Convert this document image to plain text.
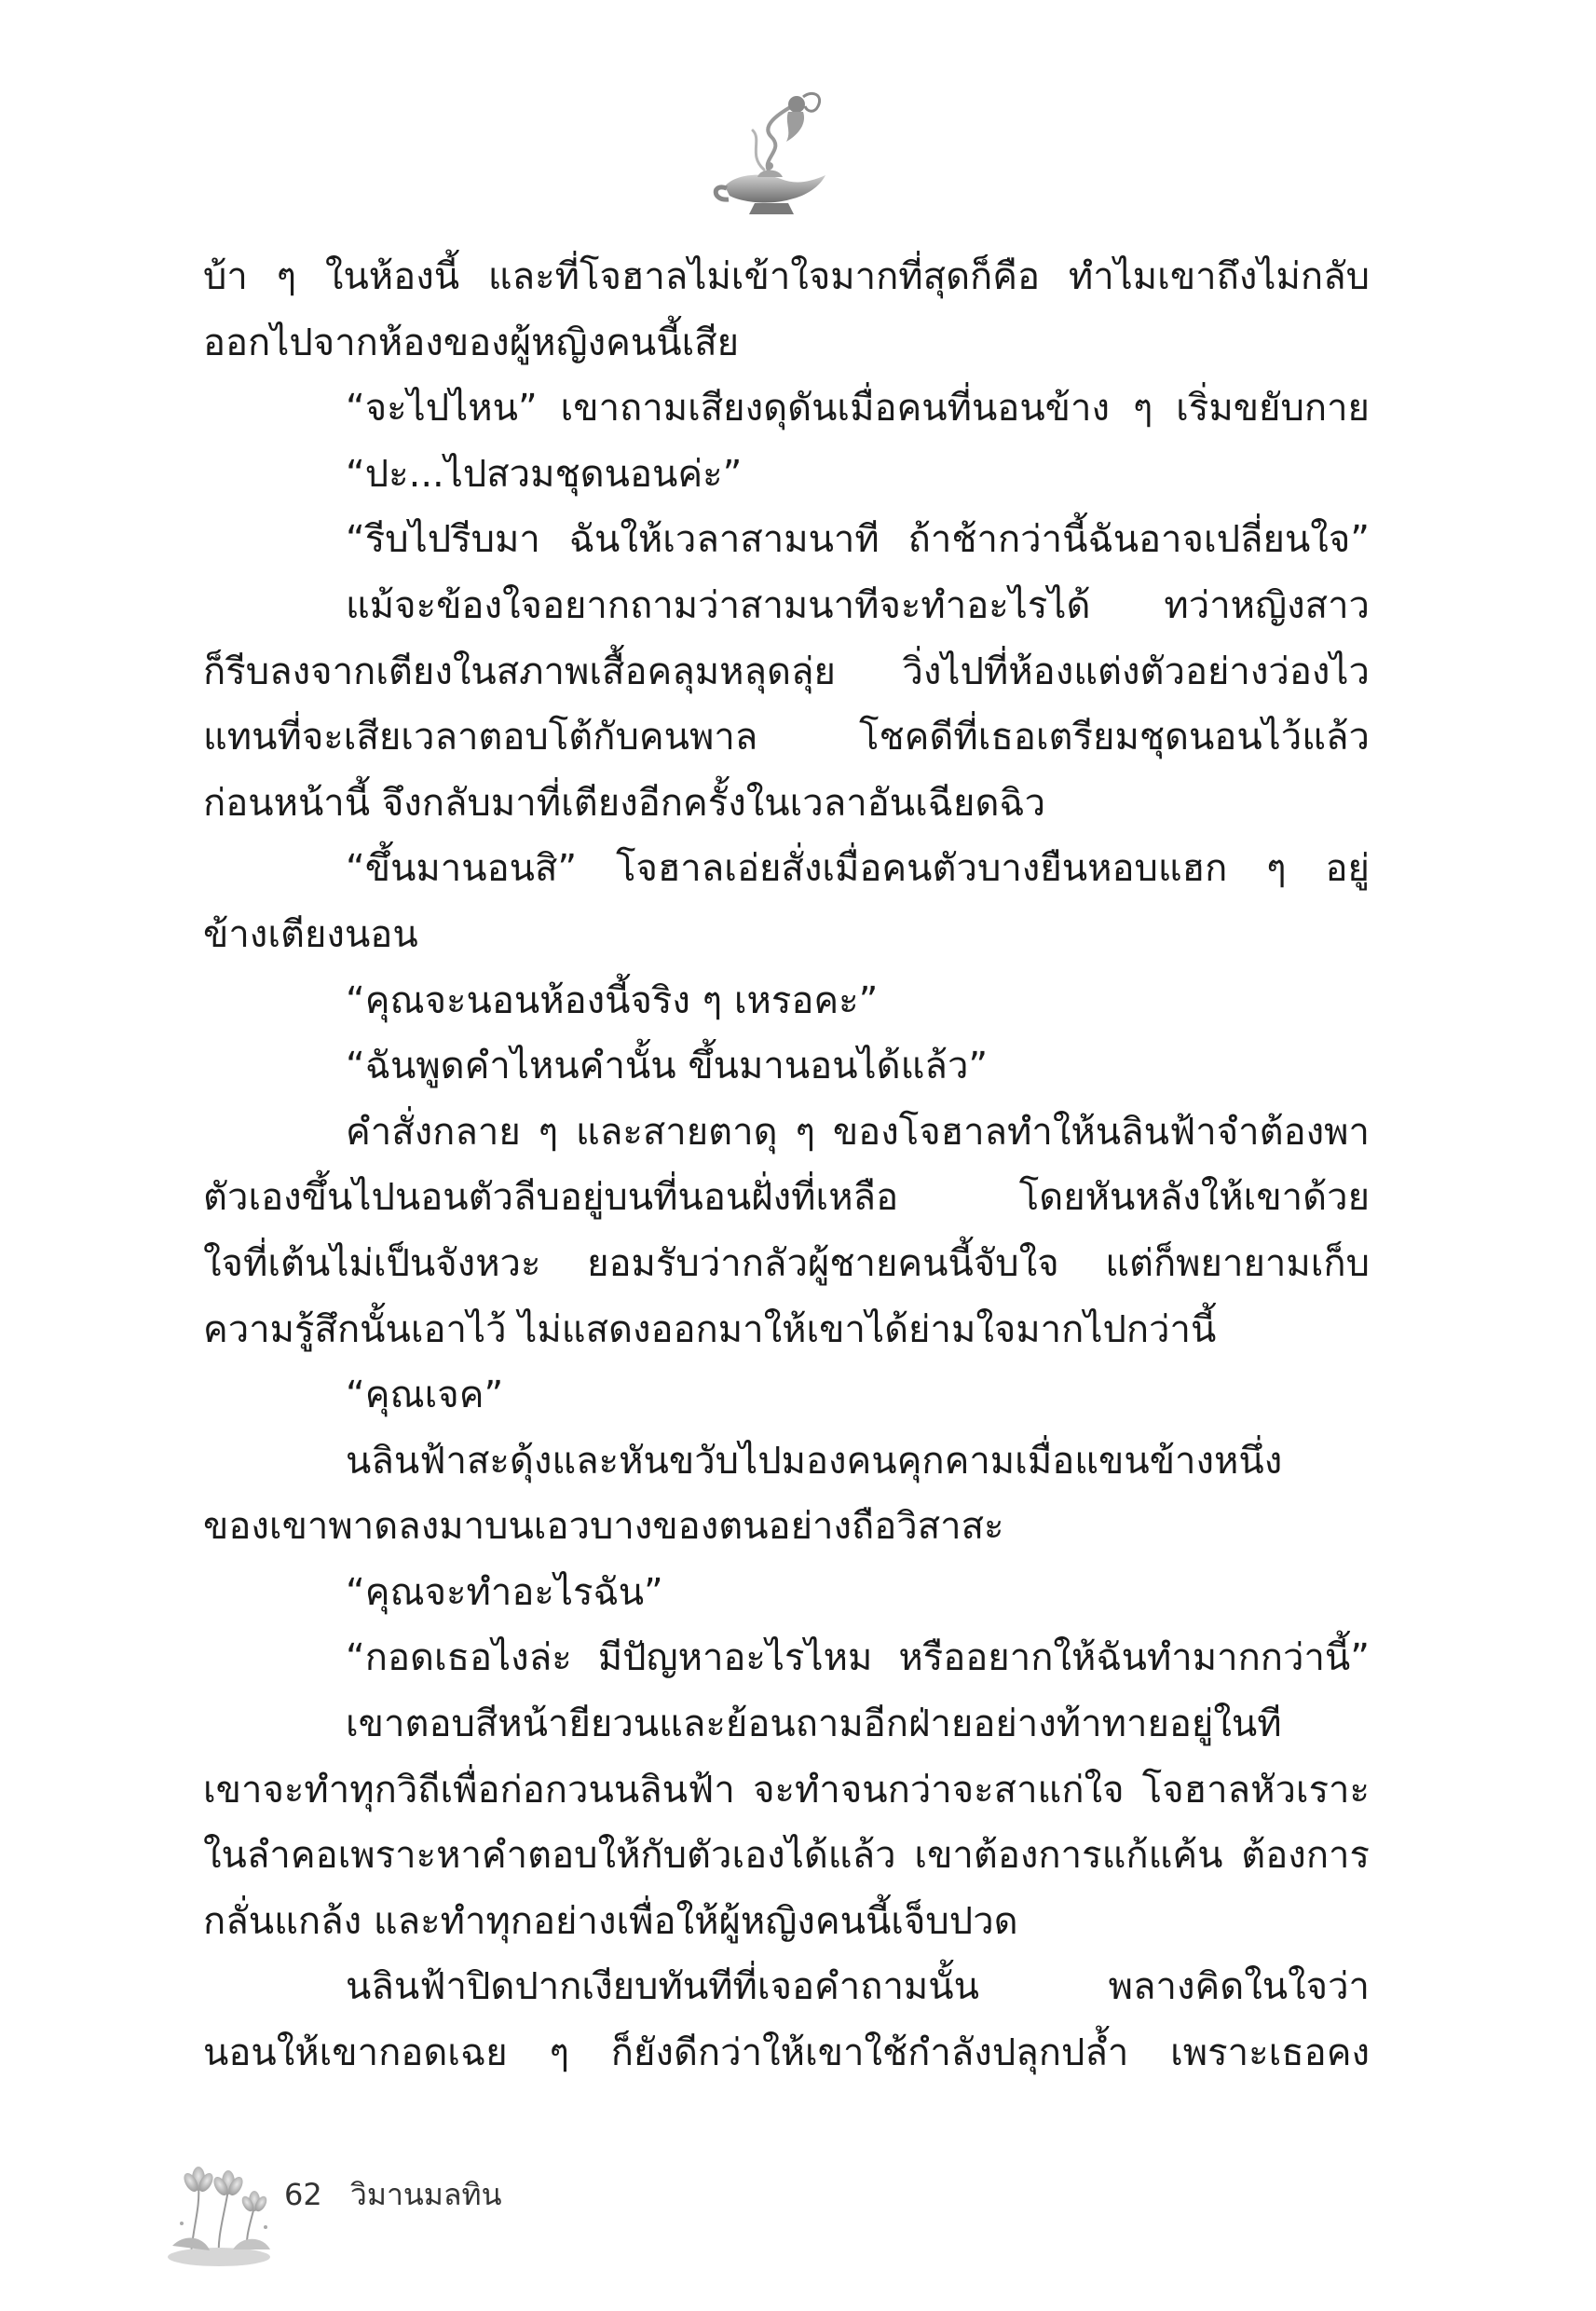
บ้า ๆ ในห้องนี้ และที่โจฮาลไม่เข้าใจมากที่สุดก็คือ ทำไมเขาถึงไม่กลับ
ออกไปจากห้องของผู้หญิงคนนี้เสีย
“จะไปไหน” เขาถามเสียงดุดันเมื่อคนที่นอนข้าง ๆ เริ่มขยับกาย
“ปะ...ไปสวมชุดนอนค่ะ”
“รีบไปรีบมา ฉันให้เวลาสามนาที ถ้าช้ากว่านี้ฉันอาจเปลี่ยนใจ”
แม้จะข้องใจอยากถามว่าสามนาทีจะทำอะไรได้ ทว่าหญิงสาว
ก็รีบลงจากเตียงในสภาพเสื้อคลุมหลุดลุ่ย วิ่งไปที่ห้องแต่งตัวอย่างว่องไว
แทนที่จะเสียเวลาตอบโต้กับคนพาล โชคดีที่เธอเตรียมชุดนอนไว้แล้ว
ก่อนหน้านี้ จึงกลับมาที่เตียงอีกครั้งในเวลาอันเฉียดฉิว
“ขึ้นมานอนสิ” โจฮาลเอ่ยสั่งเมื่อคนตัวบางยืนหอบแฮก ๆ อยู่
ข้างเตียงนอน
“คุณจะนอนห้องนี้จริง ๆ เหรอคะ”
“ฉันพูดคำไหนคำนั้น ขึ้นมานอนได้แล้ว”
คำสั่งกลาย ๆ และสายตาดุ ๆ ของโจฮาลทำให้นลินฟ้าจำต้องพา
ตัวเองขึ้นไปนอนตัวลีบอยู่บนที่นอนฝั่งที่เหลือ โดยหันหลังให้เขาด้วย
ใจที่เต้นไม่เป็นจังหวะ ยอมรับว่ากลัวผู้ชายคนนี้จับใจ แต่ก็พยายามเก็บ
ความรู้สึกนั้นเอาไว้ ไม่แสดงออกมาให้เขาได้ย่ามใจมากไปกว่านี้
“คุณเจค”
นลินฟ้าสะดุ้งและหันขวับไปมองคนคุกคามเมื่อแขนข้างหนึ่ง
ของเขาพาดลงมาบนเอวบางของตนอย่างถือวิสาสะ
“คุณจะทำอะไรฉัน”
“กอดเธอไงล่ะ มีปัญหาอะไรไหม หรืออยากให้ฉันทำมากกว่านี้”
เขาตอบสีหน้ายียวนและย้อนถามอีกฝ่ายอย่างท้าทายอยู่ในที
เขาจะทำทุกวิถีเพื่อก่อกวนนลินฟ้า จะทำจนกว่าจะสาแก่ใจ โจฮาลหัวเราะ
ในลำคอเพราะหาคำตอบให้กับตัวเองได้แล้ว เขาต้องการแก้แค้น ต้องการ
กลั่นแกล้ง และทำทุกอย่างเพื่อให้ผู้หญิงคนนี้เจ็บปวด
นลินฟ้าปิดปากเงียบทันทีที่เจอคำถามนั้น พลางคิดในใจว่า
นอนให้เขากอดเฉย ๆ ก็ยังดีกว่าให้เขาใช้กำลังปลุกปล้ำ เพราะเธอคง
62 วิมานมลทิน
